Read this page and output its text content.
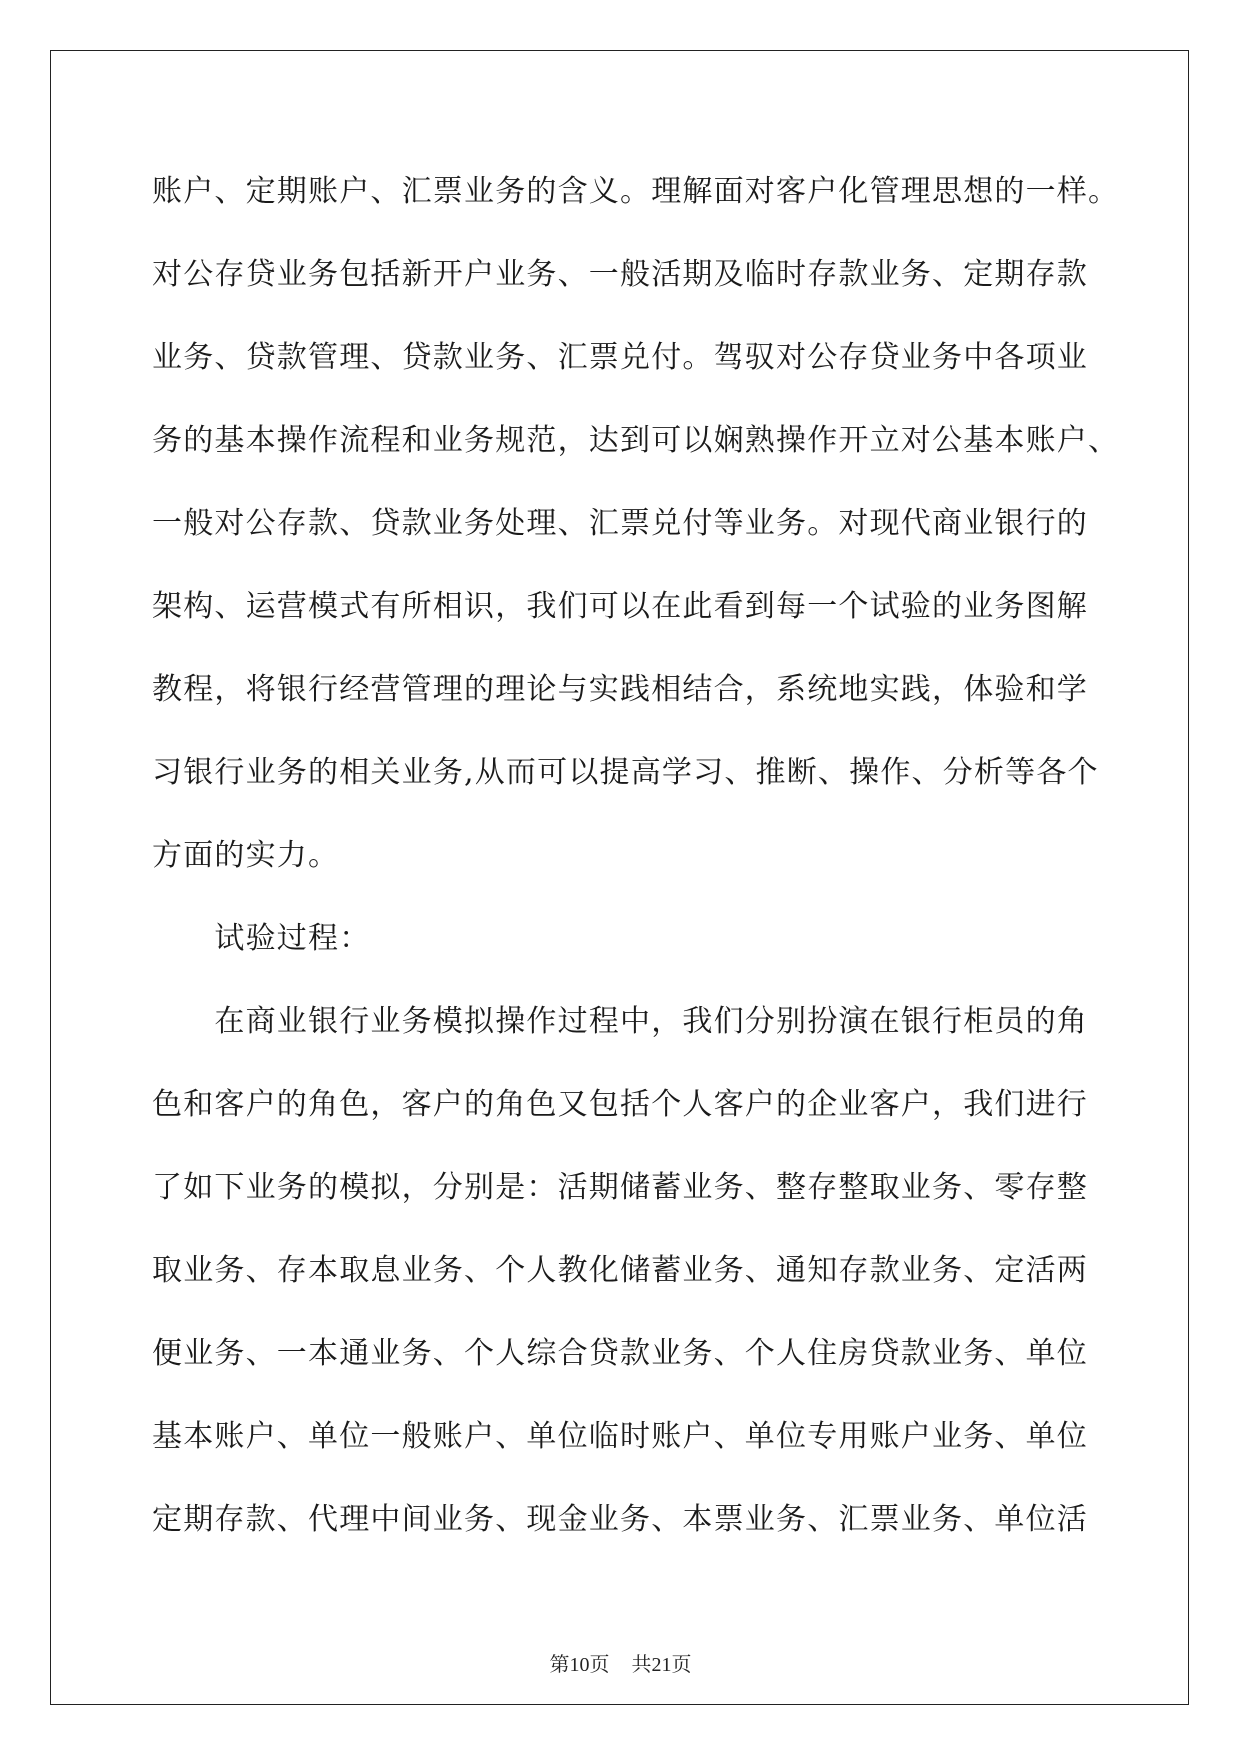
账户、定期账户、汇票业务的含义。理解面对客户化管理思想的一样。
对公存贷业务包括新开户业务、一般活期及临时存款业务、定期存款
业务、贷款管理、贷款业务、汇票兑付。驾驭对公存贷业务中各项业
务的基本操作流程和业务规范，达到可以娴熟操作开立对公基本账户、
一般对公存款、贷款业务处理、汇票兑付等业务。对现代商业银行的
架构、运营模式有所相识，我们可以在此看到每一个试验的业务图解
教程，将银行经营管理的理论与实践相结合，系统地实践，体验和学
习银行业务的相关业务,从而可以提高学习、推断、操作、分析等各个
方面的实力。
　　试验过程：
　　在商业银行业务模拟操作过程中，我们分别扮演在银行柜员的角
色和客户的角色，客户的角色又包括个人客户的企业客户，我们进行
了如下业务的模拟，分别是：活期储蓄业务、整存整取业务、零存整
取业务、存本取息业务、个人教化储蓄业务、通知存款业务、定活两
便业务、一本通业务、个人综合贷款业务、个人住房贷款业务、单位
基本账户、单位一般账户、单位临时账户、单位专用账户业务、单位
定期存款、代理中间业务、现金业务、本票业务、汇票业务、单位活
第10页 共21页
